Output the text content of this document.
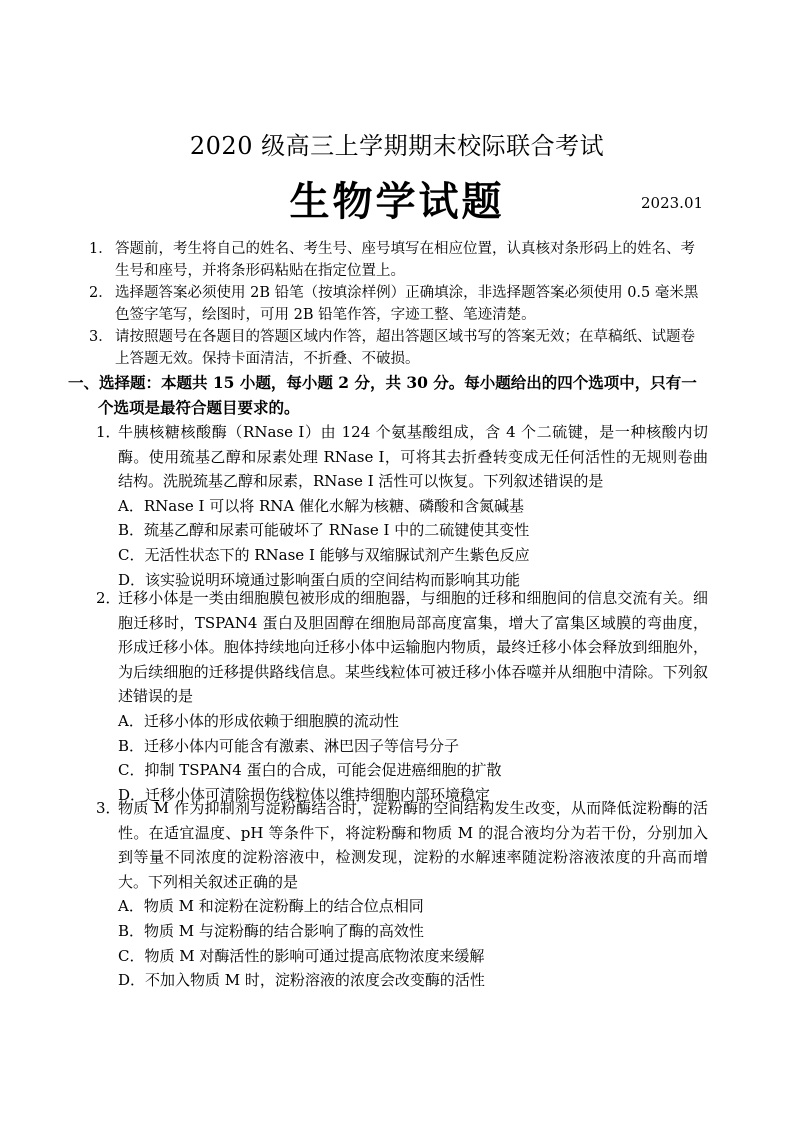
2020 级高三上学期期末校际联合考试
生物学试题	2023.01
1． 答题前，考生将自己的姓名、考生号、座号填写在相应位置，认真核对条形码上的姓名、考生号和座号，并将条形码粘贴在指定位置上。
2． 选择题答案必须使用 2B 铅笔（按填涂样例）正确填涂，非选择题答案必须使用 0.5 毫米黑色签字笔写，绘图时，可用 2B 铅笔作答，字迹工整、笔迹清楚。
3． 请按照题号在各题目的答题区域内作答，超出答题区域书写的答案无效；在草稿纸、试题卷上答题无效。保持卡面清洁，不折叠、不破损。
一、选择题：本题共 15 小题，每小题 2 分，共 30 分。每小题给出的四个选项中，只有一个选项是最符合题目要求的。
1．
牛胰核糖核酸酶（RNase I）由 124 个氨基酸组成，含 4 个二硫键，是一种核酸内切酶。使用巯基乙醇和尿素处理 RNase I，可将其去折叠转变成无任何活性的无规则卷曲结构。洗脱巯基乙醇和尿素，RNase I 活性可以恢复。下列叙述错误的是
A．RNase I 可以将 RNA 催化水解为核糖、磷酸和含氮碱基
B．巯基乙醇和尿素可能破坏了 RNase I 中的二硫键使其变性
C．无活性状态下的 RNase I 能够与双缩脲试剂产生紫色反应
D．该实验说明环境通过影响蛋白质的空间结构而影响其功能
2．
迁移小体是一类由细胞膜包被形成的细胞器，与细胞的迁移和细胞间的信息交流有关。细胞迁移时，TSPAN4 蛋白及胆固醇在细胞局部高度富集，增大了富集区域膜的弯曲度，形成迁移小体。胞体持续地向迁移小体中运输胞内物质，最终迁移小体会释放到细胞外，为后续细胞的迁移提供路线信息。某些线粒体可被迁移小体吞噬并从细胞中清除。下列叙述错误的是
A．迁移小体的形成依赖于细胞膜的流动性
B．迁移小体内可能含有激素、淋巴因子等信号分子
C．抑制 TSPAN4 蛋白的合成，可能会促进癌细胞的扩散
D．迁移小体可清除损伤线粒体以维持细胞内部环境稳定
3．
物质 M 作为抑制剂与淀粉酶结合时，淀粉酶的空间结构发生改变，从而降低淀粉酶的活性。在适宜温度、pH 等条件下，将淀粉酶和物质 M 的混合液均分为若干份，分别加入到等量不同浓度的淀粉溶液中，检测发现，淀粉的水解速率随淀粉溶液浓度的升高而增大。下列相关叙述正确的是
A．物质 M 和淀粉在淀粉酶上的结合位点相同
B．物质 M 与淀粉酶的结合影响了酶的高效性
C．物质 M 对酶活性的影响可通过提高底物浓度来缓解
D．不加入物质 M 时，淀粉溶液的浓度会改变酶的活性
